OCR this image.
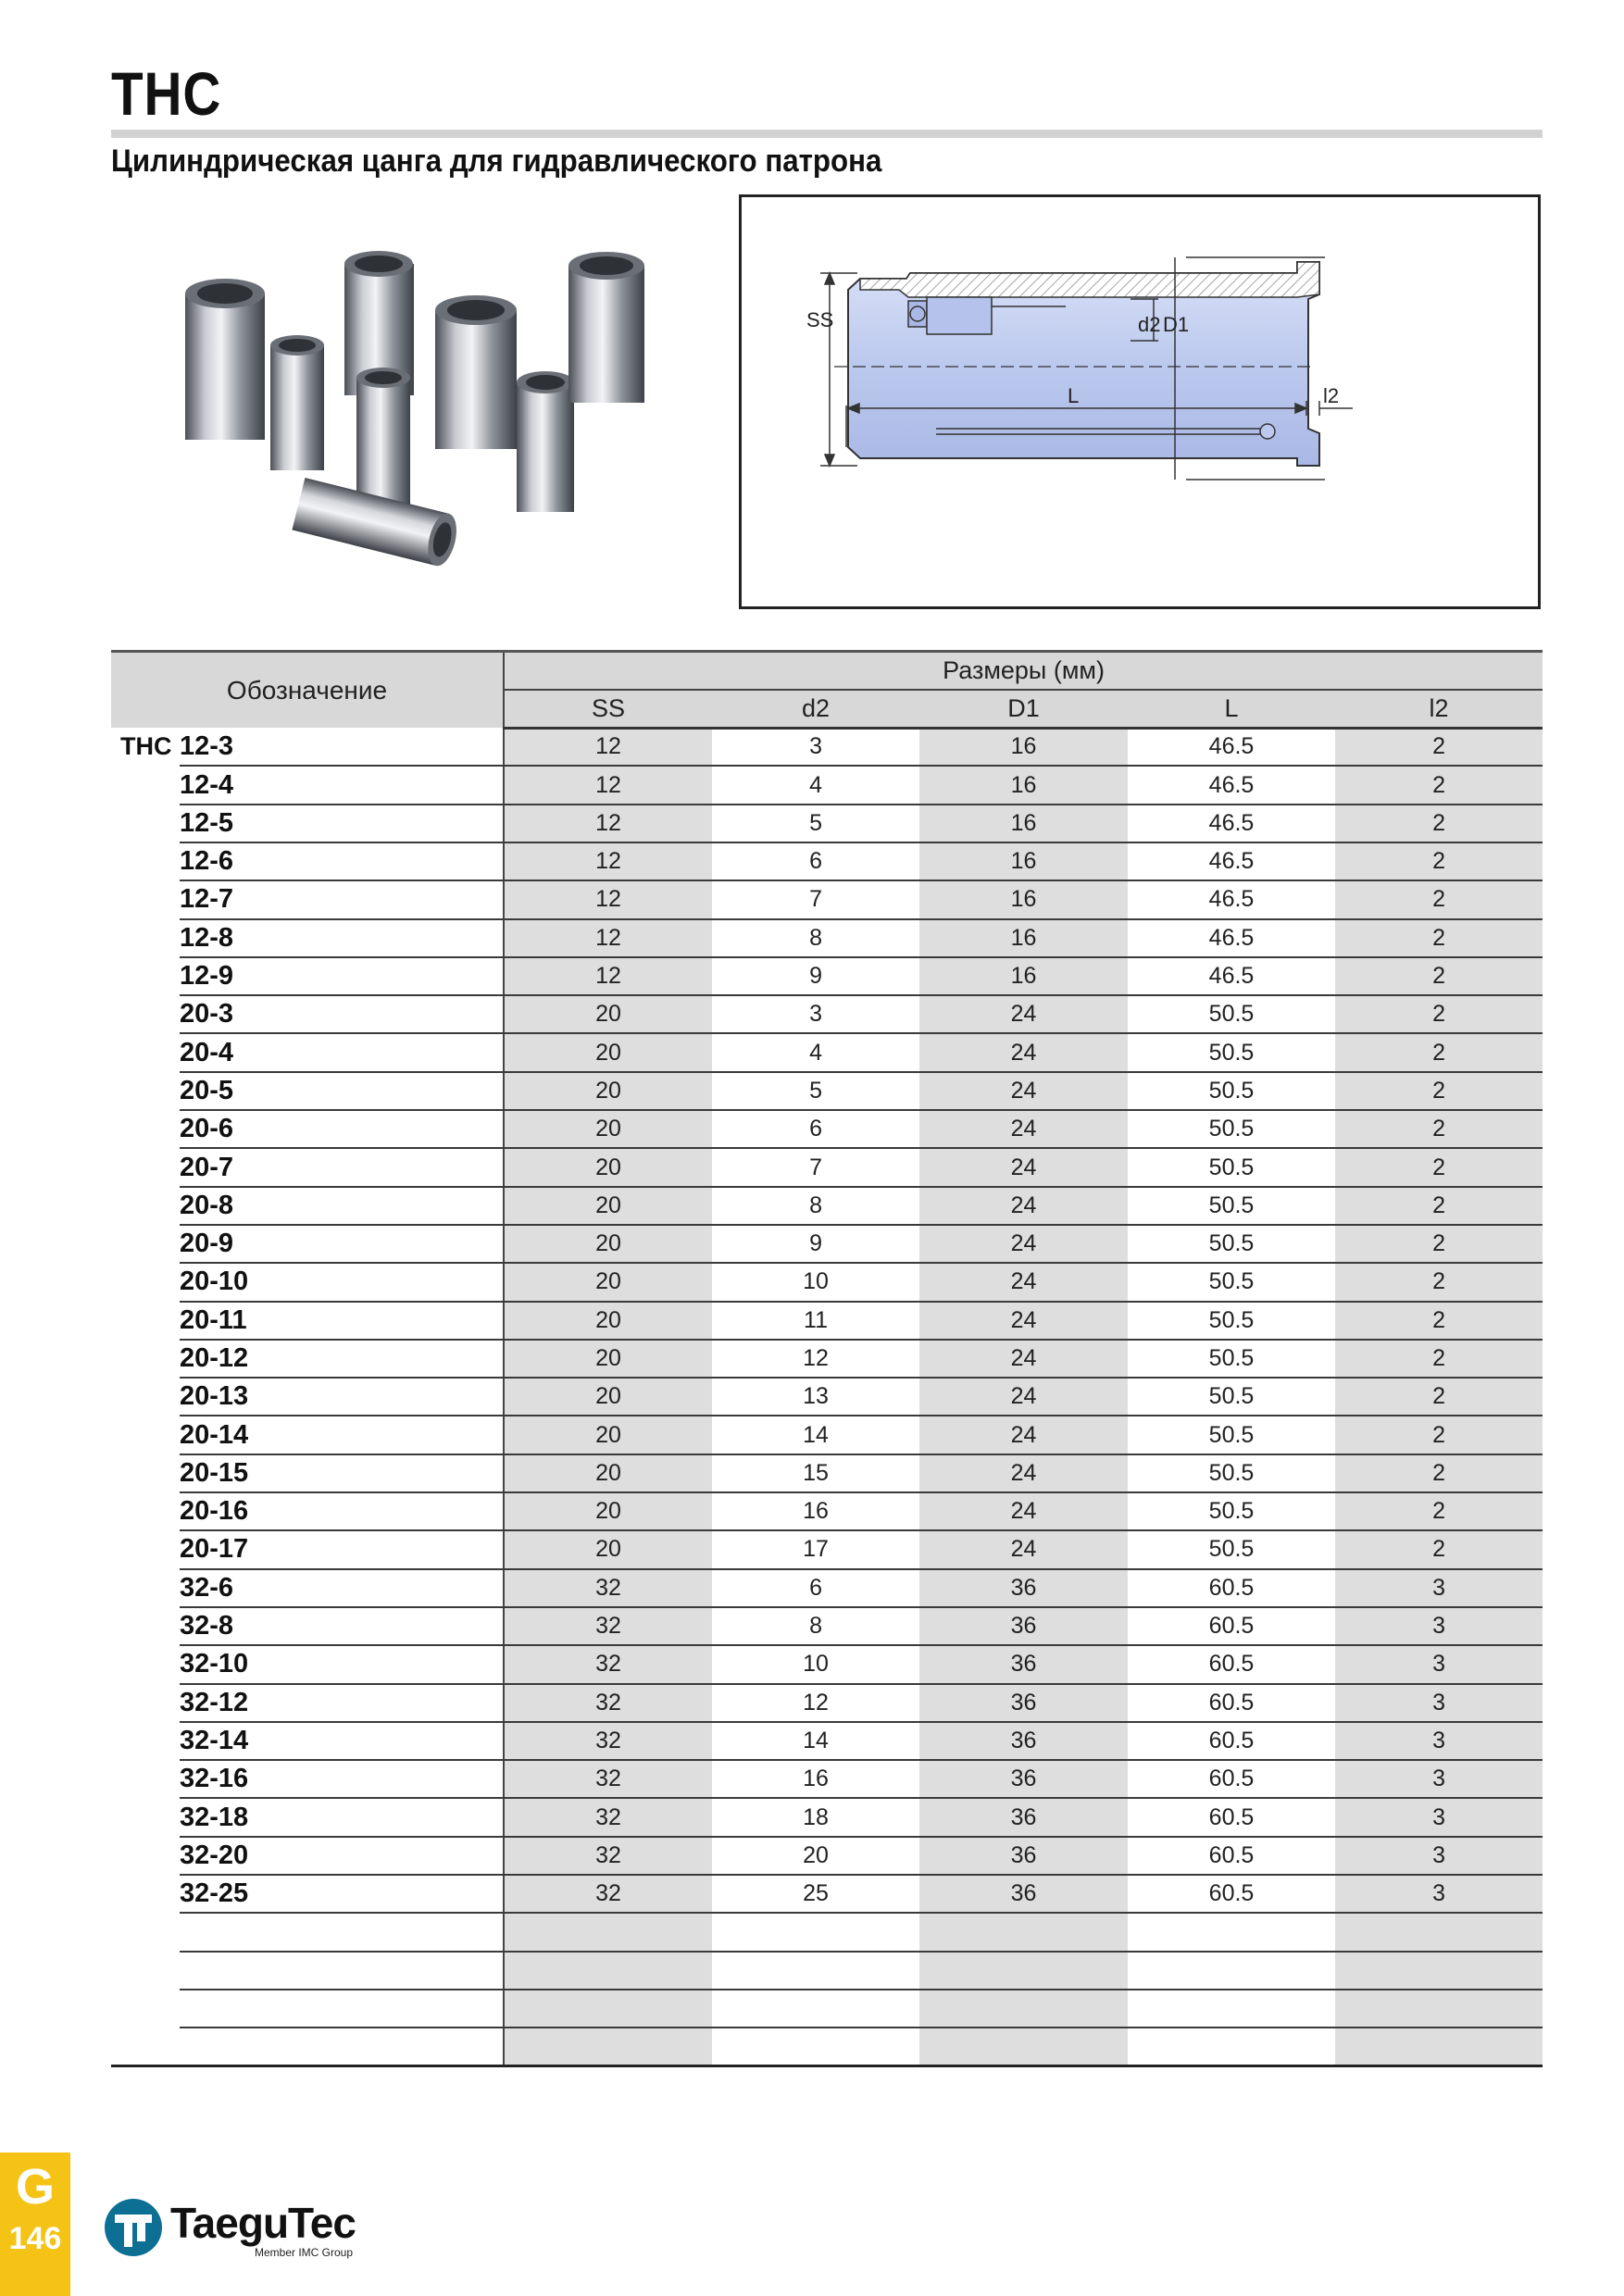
THC
Цилиндрическая цанга для гидравлического патрона
SS	d2 D1
L	l2
Обозначение		Размеры (мм)				
		SS	d2	D1	L	l2
THC	12-3	12	3	16	46.5	2
	12-4	12	4	16	46.5	2
	12-5	12	5	16	46.5	2
	12-6	12	6	16	46.5	2
	12-7	12	7	16	46.5	2
	12-8	12	8	16	46.5	2
	12-9	12	9	16	46.5	2
	20-3	20	3	24	50.5	2
	20-4	20	4	24	50.5	2
	20-5	20	5	24	50.5	2
	20-6	20	6	24	50.5	2
	20-7	20	7	24	50.5	2
	20-8	20	8	24	50.5	2
	20-9	20	9	24	50.5	2
	20-10	20	10	24	50.5	2
	20-11	20	11	24	50.5	2
	20-12	20	12	24	50.5	2
	20-13	20	13	24	50.5	2
	20-14	20	14	24	50.5	2
	20-15	20	15	24	50.5	2
	20-16	20	16	24	50.5	2
	20-17	20	17	24	50.5	2
	32-6	32	6	36	60.5	3
	32-8	32	8	36	60.5	3
	32-10	32	10	36	60.5	3
	32-12	32	12	36	60.5	3
	32-14	32	14	36	60.5	3
	32-16	32	16	36	60.5	3
	32-18	32	18	36	60.5	3
	32-20	32	20	36	60.5	3
	32-25	32	25	36	60.5	3

G
146	TaeguTec
Member IMC Group
